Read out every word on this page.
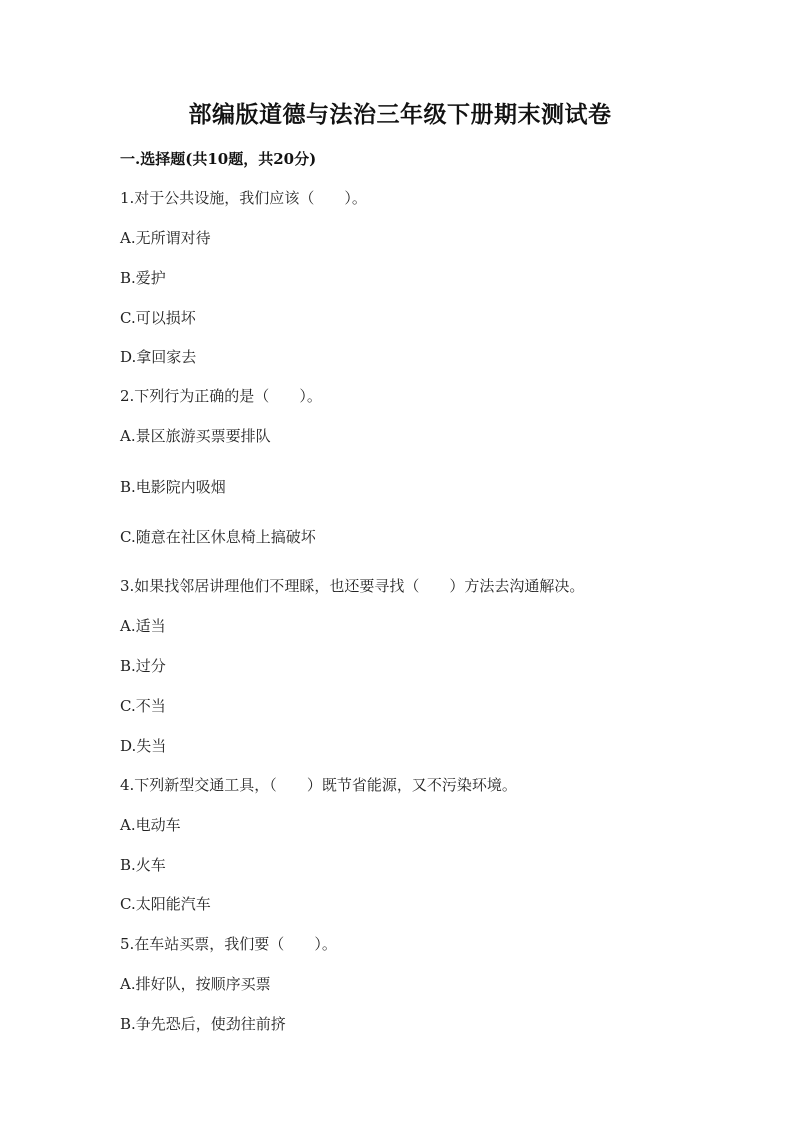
部编版道德与法治三年级下册期末测试卷
一.选择题(共10题，共20分)
1.对于公共设施，我们应该（　　）。
A.无所谓对待
B.爱护
C.可以损坏
D.拿回家去
2.下列行为正确的是（　　）。
A.景区旅游买票要排队
B.电影院内吸烟
C.随意在社区休息椅上搞破坏
3.如果找邻居讲理他们不理睬，也还要寻找（　　）方法去沟通解决。
A.适当
B.过分
C.不当
D.失当
4.下列新型交通工具，（　　）既节省能源，又不污染环境。
A.电动车
B.火车
C.太阳能汽车
5.在车站买票，我们要（　　）。
A.排好队，按顺序买票
B.争先恐后，使劲往前挤
